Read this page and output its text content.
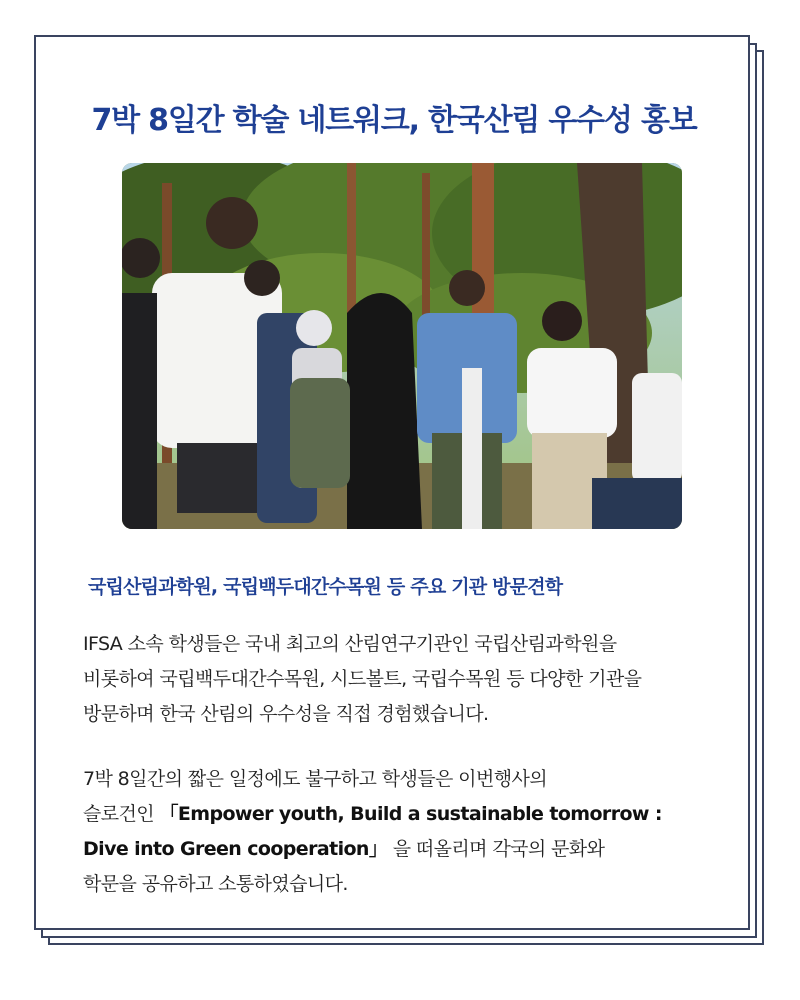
7박 8일간 학술 네트워크, 한국산림 우수성 홍보
국립산림과학원, 국립백두대간수목원 등 주요 기관 방문견학

IFSA 소속 학생들은 국내 최고의 산림연구기관인 국립산림과학원을
비롯하여 국립백두대간수목원, 시드볼트, 국립수목원 등 다양한 기관을
방문하며 한국 산림의 우수성을 직접 경험했습니다.

7박 8일간의 짧은 일정에도 불구하고 학생들은 이번행사의
슬로건인 「Empower youth, Build a sustainable tomorrow :
Dive into Green cooperation」 을 떠올리며 각국의 문화와
학문을 공유하고 소통하였습니다.
